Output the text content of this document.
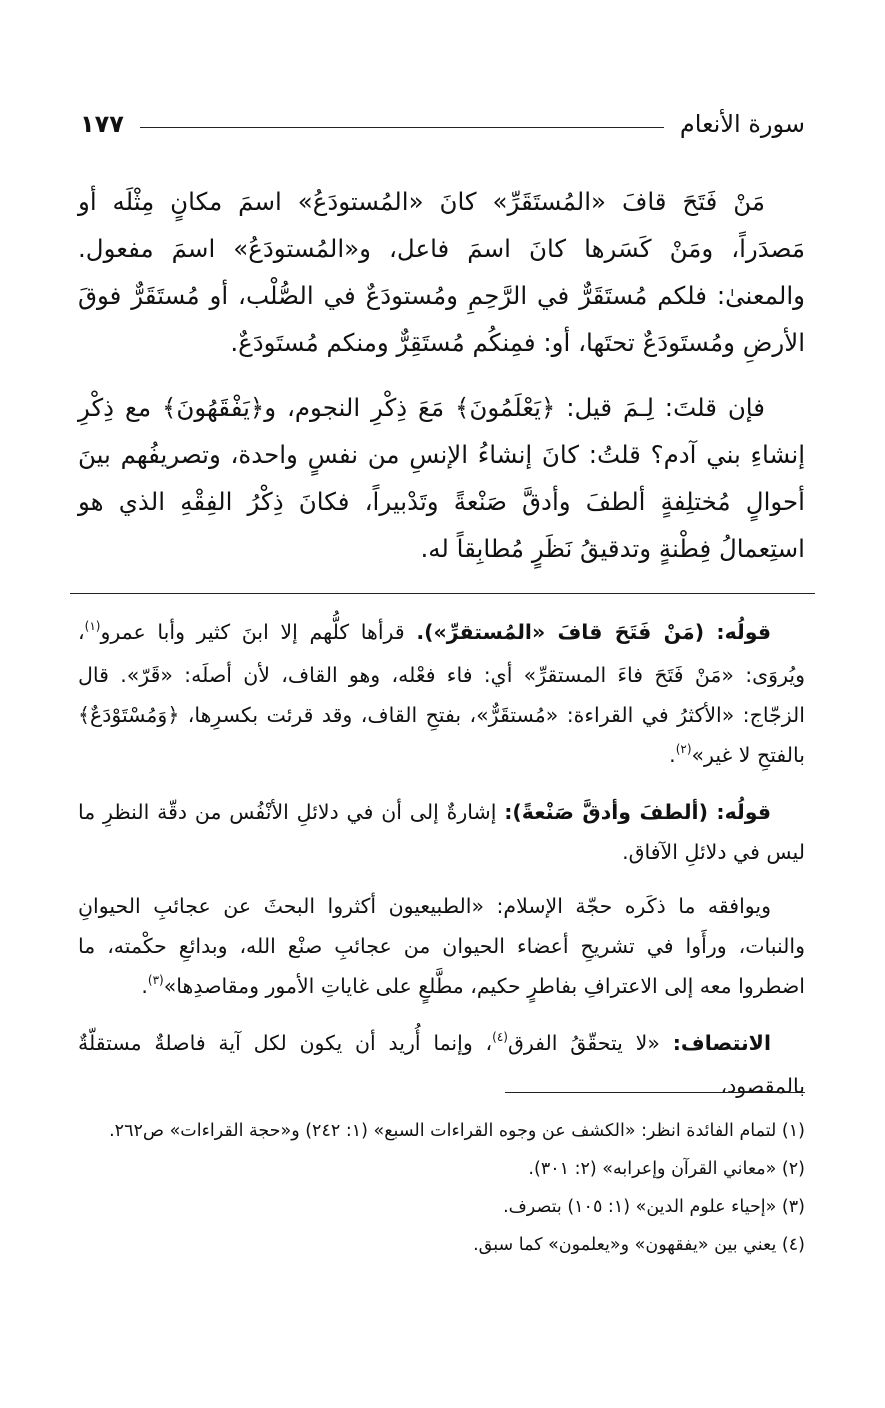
سورة الأنعام
١٧٧

مَنْ فَتَحَ قافَ «المُستَقَرِّ» كانَ «المُستودَعُ» اسمَ مكانٍ مِثْلَه أو مَصدَراً، ومَنْ كَسَرها كانَ اسمَ فاعل، و«المُستودَعُ» اسمَ مفعول. والمعنىٰ: فلكم مُستَقَرٌّ في الرَّحِمِ ومُستودَعٌ في الصُّلْب، أو مُستَقَرٌّ فوقَ الأرضِ ومُستَودَعٌ تحتَها، أو: فمِنكُم مُستَقِرٌّ ومنكم مُستَودَعٌ.

فإن قلتَ: لِـمَ قيل: ﴿يَعْلَمُونَ﴾ مَعَ ذِكْرِ النجوم، و﴿يَفْقَهُونَ﴾ مع ذِكْرِ إنشاءِ بني آدم؟ قلتُ: كانَ إنشاءُ الإنسِ من نفسٍ واحدة، وتصريفُهم بينَ أحوالٍ مُختلِفةٍ ألطفَ وأدقَّ صَنْعةً وتَدْبيراً، فكانَ ذِكْرُ الفِقْهِ الذي هو استِعمالُ فِطْنةٍ وتدقيقُ نَظَرٍ مُطابِقاً له.

قولُه: (مَنْ فَتَحَ قافَ «المُستقرِّ»). قرأها كلُّهم إلا ابنَ كثير وأبا عمرو$^{(١)}$، ويُروَى: «مَنْ فَتَحَ فاءَ المستقرِّ» أي: فاء فعْله، وهو القاف، لأن أصلَه: «قَرّ». قال الزجّاج: «الأكثرُ في القراءة: «مُستقَرٌّ»، بفتحِ القاف، وقد قرئت بكسرِها، ﴿وَمُسْتَوْدَعٌ﴾ بالفتحِ لا غير»$^{(٢)}$.

قولُه: (ألطفَ وأدقَّ صَنْعةً): إشارةٌ إلى أن في دلائلِ الأنْفُس من دقّة النظرِ ما ليس في دلائلِ الآفاق.

ويوافقه ما ذكَره حجّة الإسلام: «الطبيعيون أكثروا البحثَ عن عجائبِ الحيوانِ والنبات، ورأَوا في تشريحِ أعضاء الحيوان من عجائبِ صنْع الله، وبدائعِ حكْمته، ما اضطروا معه إلى الاعترافِ بفاطرٍ حكيم، مطَّلعٍ على غاياتِ الأمور ومقاصدِها»$^{(٣)}$.

الانتصاف: «لا يتحقّقُ الفرق$^{(٤)}$، وإنما أُريد أن يكون لكل آية فاصلةٌ مستقلّةٌ بالمقصود،

(١) لتمام الفائدة انظر: «الكشف عن وجوه القراءات السبع» (١: ٢٤٢) و«حجة القراءات» ص٢٦٢.
(٢) «معاني القرآن وإعرابه» (٢: ٣٠١).
(٣) «إحياء علوم الدين» (١: ١٠٥) بتصرف.
(٤) يعني بين «يفقهون» و«يعلمون» كما سبق.
